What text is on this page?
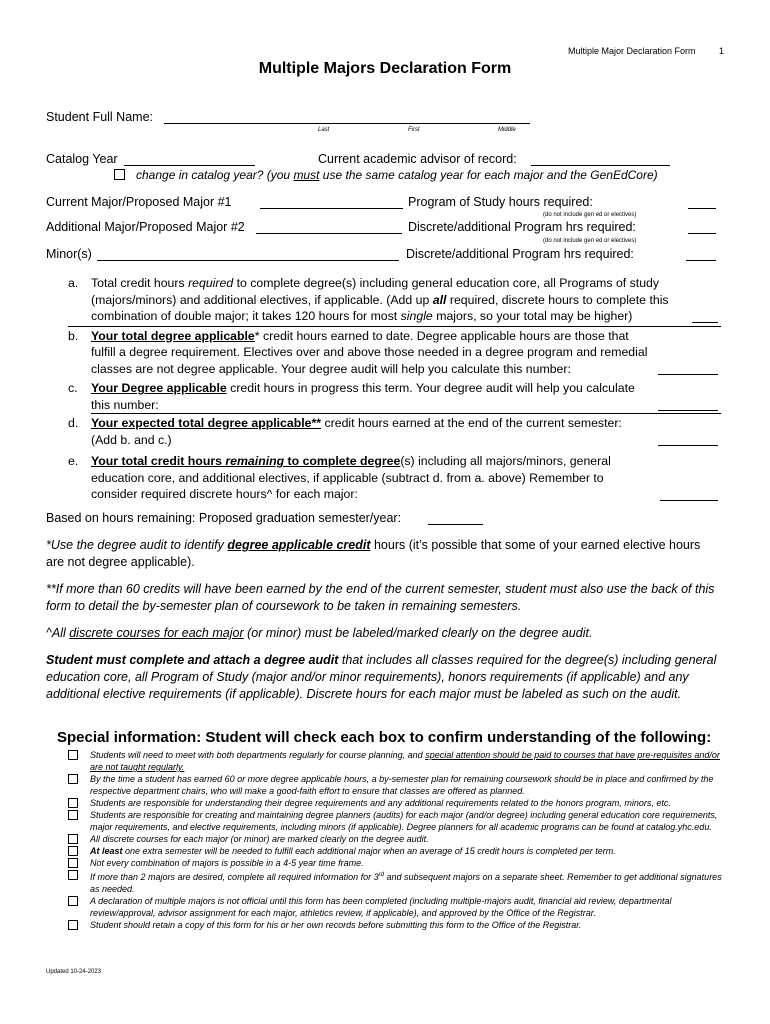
Multiple Major Declaration Form	1
Multiple Majors Declaration Form
Student Full Name:
Last	First	Middle
Catalog Year	Current academic advisor of record:
change in catalog year? (you must use the same catalog year for each major and the GenEdCore)
Current Major/Proposed Major #1	Program of Study hours required:
(do not include gen ed or electives)
Additional Major/Proposed Major #2	Discrete/additional Program hrs required:
(do not include gen ed or electives)
Minor(s)	Discrete/additional Program hrs required:
a. Total credit hours required to complete degree(s) including general education core, all Programs of study (majors/minors) and additional electives, if applicable. (Add up all required, discrete hours to complete this combination of double major; it takes 120 hours for most single majors, so your total may be higher)

b. Your total degree applicable* credit hours earned to date. Degree applicable hours are those that fulfill a degree requirement. Electives over and above those needed in a degree program and remedial classes are not degree applicable. Your degree audit will help you calculate this number:

c. Your Degree applicable credit hours in progress this term. Your degree audit will help you calculate this number:

d. Your expected total degree applicable** credit hours earned at the end of the current semester: (Add b. and c.)

e. Your total credit hours remaining to complete degree(s) including all majors/minors, general education core, and additional electives, if applicable (subtract d. from a. above) Remember to consider required discrete hours^ for each major:

Based on hours remaining: Proposed graduation semester/year:
*Use the degree audit to identify degree applicable credit hours (it’s possible that some of your earned elective hours are not degree applicable).
**If more than 60 credits will have been earned by the end of the current semester, student must also use the back of this form to detail the by-semester plan of coursework to be taken in remaining semesters.
^All discrete courses for each major (or minor) must be labeled/marked clearly on the degree audit.
Student must complete and attach a degree audit that includes all classes required for the degree(s) including general education core, all Program of Study (major and/or minor requirements), honors requirements (if applicable) and any additional elective requirements (if applicable). Discrete hours for each major must be labeled as such on the audit.
Special information: Student will check each box to confirm understanding of the following:
Students will need to meet with both departments regularly for course planning, and special attention should be paid to courses that have pre-requisites and/or are not taught regularly.
By the time a student has earned 60 or more degree applicable hours, a by-semester plan for remaining coursework should be in place and confirmed by the respective department chairs, who will make a good-faith effort to ensure that classes are offered as planned.
Students are responsible for understanding their degree requirements and any additional requirements related to the honors program, minors, etc.
Students are responsible for creating and maintaining degree planners (audits) for each major (and/or degree) including general education core requirements, major requirements, and elective requirements, including minors (if applicable). Degree planners for all academic programs can be found at catalog.yhc.edu.
All discrete courses for each major (or minor) are marked clearly on the degree audit.
At least one extra semester will be needed to fulfill each additional major when an average of 15 credit hours is completed per term.
Not every combination of majors is possible in a 4-5 year time frame.
If more than 2 majors are desired, complete all required information for 3rd and subsequent majors on a separate sheet. Remember to get additional signatures as needed.
A declaration of multiple majors is not official until this form has been completed (including multiple-majors audit, financial aid review, departmental review/approval, advisor assignment for each major, athletics review, if applicable), and approved by the Office of the Registrar.
Student should retain a copy of this form for his or her own records before submitting this form to the Office of the Registrar.
Updated 10-24-2023
